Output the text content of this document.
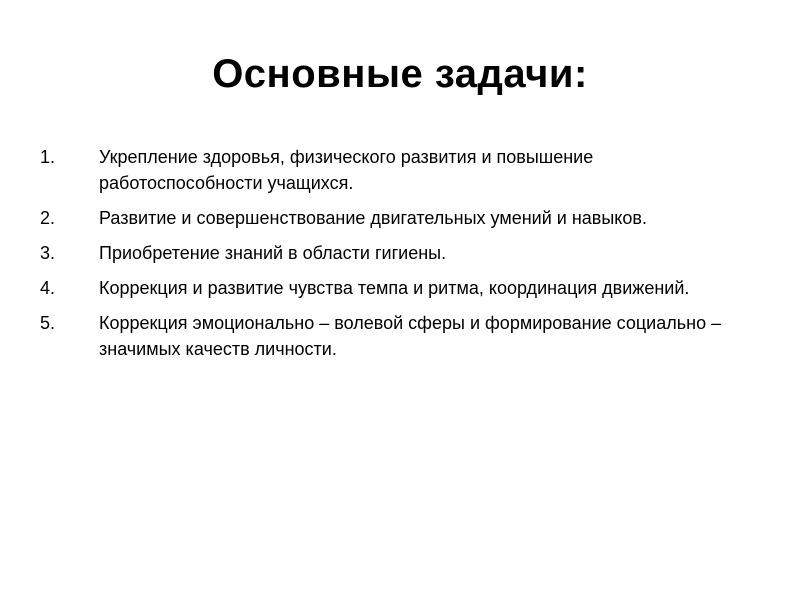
Основные задачи:
1.	Укрепление здоровья, физического развития и повышение работоспособности учащихся.
2.	Развитие и совершенствование двигательных умений и навыков.
3.	Приобретение знаний в области гигиены.
4.	Коррекция и развитие чувства темпа и ритма, координация движений.
5.	Коррекция эмоционально – волевой сферы и формирование социально – значимых качеств личности.
